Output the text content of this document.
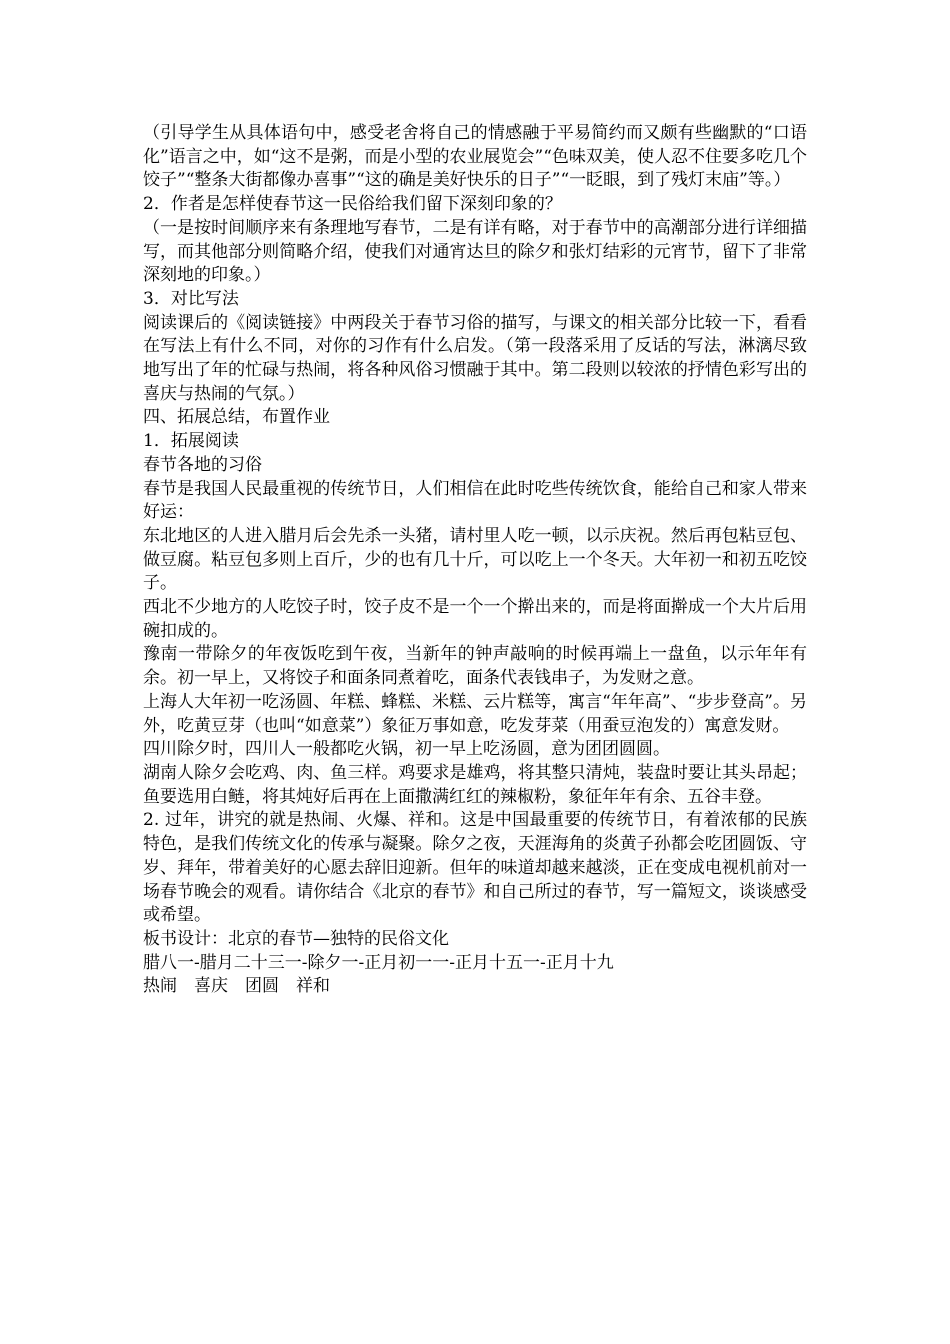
（引导学生从具体语句中，感受老舍将自己的情感融于平易简约而又颇有些幽默的“口语化”语言之中，如“这不是粥，而是小型的农业展览会”“色味双美，使人忍不住要多吃几个饺子”“整条大街都像办喜事”“这的确是美好快乐的日子”“一眨眼，到了残灯末庙”等。）

2．作者是怎样使春节这一民俗给我们留下深刻印象的？

（一是按时间顺序来有条理地写春节，二是有详有略，对于春节中的高潮部分进行详细描写，而其他部分则简略介绍，使我们对通宵达旦的除夕和张灯结彩的元宵节，留下了非常深刻地的印象。）

3．对比写法

阅读课后的《阅读链接》中两段关于春节习俗的描写，与课文的相关部分比较一下，看看在写法上有什么不同，对你的习作有什么启发。（第一段落采用了反话的写法，淋漓尽致地写出了年的忙碌与热闹，将各种风俗习惯融于其中。第二段则以较浓的抒情色彩写出的喜庆与热闹的气氛。）

四、拓展总结，布置作业

1．拓展阅读

春节各地的习俗

春节是我国人民最重视的传统节日，人们相信在此时吃些传统饮食，能给自己和家人带来好运：

东北地区的人进入腊月后会先杀一头猪，请村里人吃一顿，以示庆祝。然后再包粘豆包、做豆腐。粘豆包多则上百斤，少的也有几十斤，可以吃上一个冬天。大年初一和初五吃饺子。

西北不少地方的人吃饺子时，饺子皮不是一个一个擀出来的，而是将面擀成一个大片后用碗扣成的。

豫南一带除夕的年夜饭吃到午夜，当新年的钟声敲响的时候再端上一盘鱼，以示年年有余。初一早上，又将饺子和面条同煮着吃，面条代表钱串子，为发财之意。

上海人大年初一吃汤圆、年糕、蜂糕、米糕、云片糕等，寓言“年年高”、“步步登高”。另外，吃黄豆芽（也叫“如意菜”）象征万事如意，吃发芽菜（用蚕豆泡发的）寓意发财。

四川除夕时，四川人一般都吃火锅，初一早上吃汤圆，意为团团圆圆。

湖南人除夕会吃鸡、肉、鱼三样。鸡要求是雄鸡，将其整只清炖，装盘时要让其头昂起；鱼要选用白鲢，将其炖好后再在上面撒满红红的辣椒粉，象征年年有余、五谷丰登。

2. 过年，讲究的就是热闹、火爆、祥和。这是中国最重要的传统节日，有着浓郁的民族特色，是我们传统文化的传承与凝聚。除夕之夜，天涯海角的炎黄子孙都会吃团圆饭、守岁、拜年，带着美好的心愿去辞旧迎新。但年的味道却越来越淡，正在变成电视机前对一场春节晚会的观看。请你结合《北京的春节》和自己所过的春节，写一篇短文，谈谈感受或希望。

板书设计：北京的春节—独特的民俗文化

腊八一-腊月二十三一-除夕一-正月初一一-正月十五一-正月十九

热闹　喜庆　团圆　祥和
